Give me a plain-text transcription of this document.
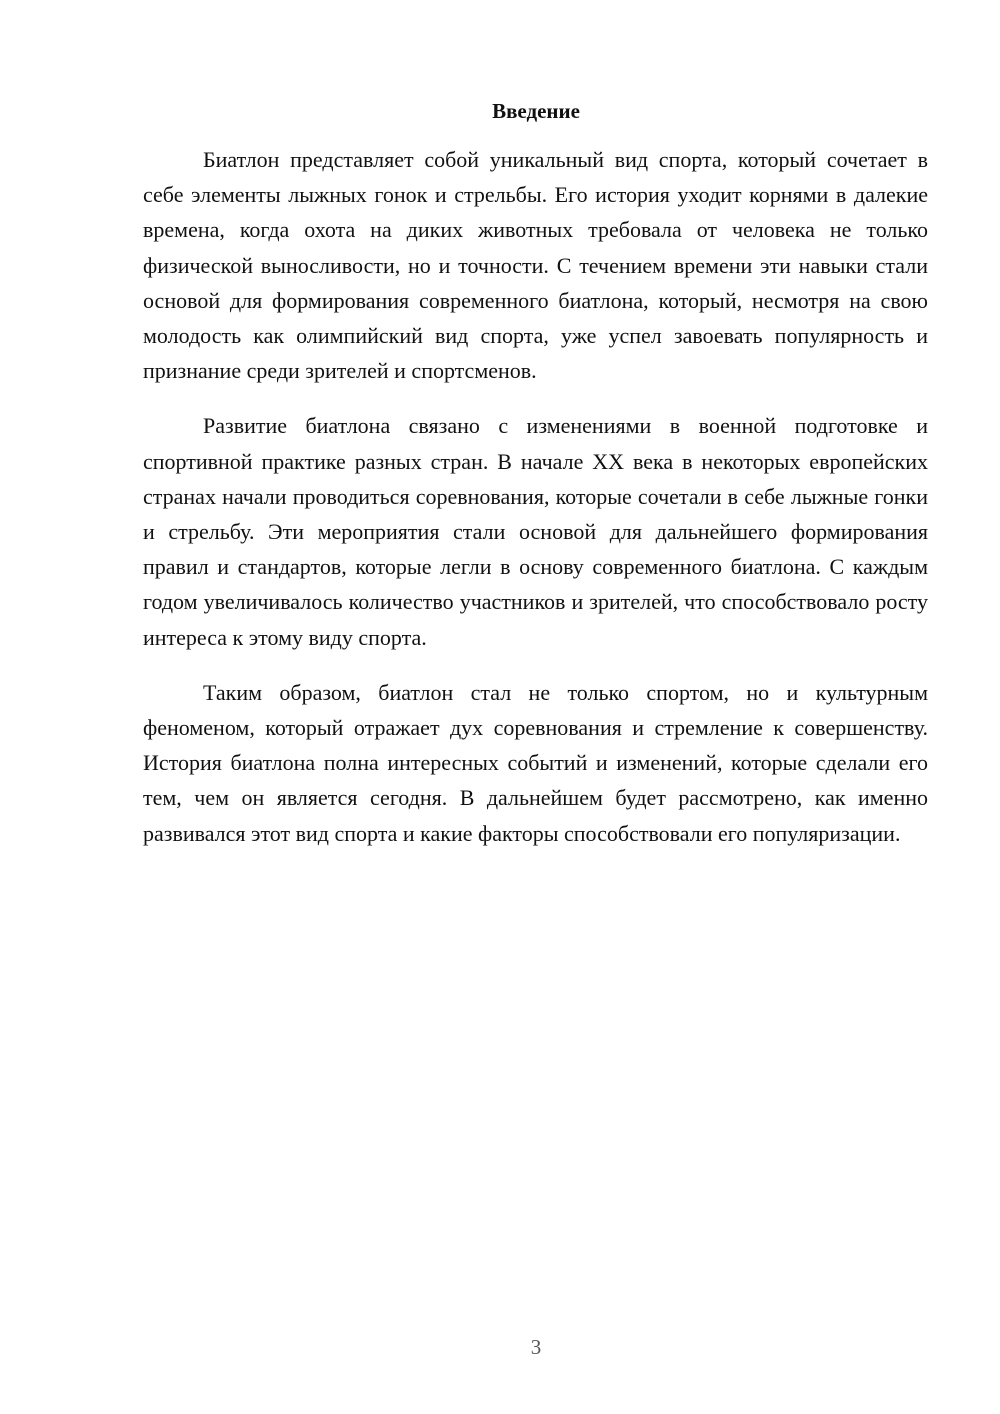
Введение

Биатлон представляет собой уникальный вид спорта, который сочетает в себе элементы лыжных гонок и стрельбы. Его история уходит корнями в далекие времена, когда охота на диких животных требовала от человека не только физической выносливости, но и точности. С течением времени эти навыки стали основой для формирования современного биатлона, который, несмотря на свою молодость как олимпийский вид спорта, уже успел завоевать популярность и признание среди зрителей и спортсменов.

Развитие биатлона связано с изменениями в военной подготовке и спортивной практике разных стран. В начале XX века в некоторых европейских странах начали проводиться соревнования, которые сочетали в себе лыжные гонки и стрельбу. Эти мероприятия стали основой для дальнейшего формирования правил и стандартов, которые легли в основу современного биатлона. С каждым годом увеличивалось количество участников и зрителей, что способствовало росту интереса к этому виду спорта.

Таким образом, биатлон стал не только спортом, но и культурным феноменом, который отражает дух соревнования и стремление к совершенству. История биатлона полна интересных событий и изменений, которые сделали его тем, чем он является сегодня. В дальнейшем будет рассмотрено, как именно развивался этот вид спорта и какие факторы способствовали его популяризации.

3
